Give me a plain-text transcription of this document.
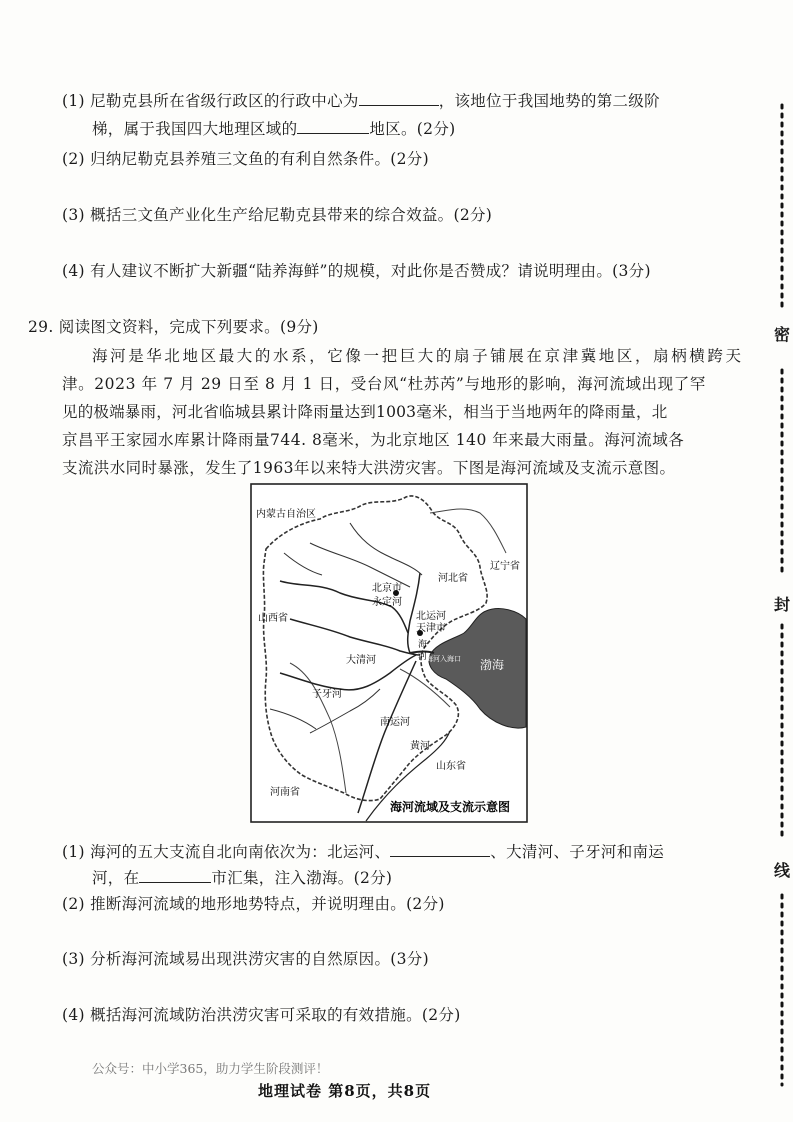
(1) 尼勒克县所在省级行政区的行政中心为	，该地位于我国地势的第二级阶
梯，属于我国四大地理区域的	地区。(2分)
(2) 归纳尼勒克县养殖三文鱼的有利自然条件。(2分)
(3) 概括三文鱼产业化生产给尼勒克县带来的综合效益。(2分)
(4) 有人建议不断扩大新疆“陆养海鲜”的规模，对此你是否赞成？请说明理由。(3分)
29. 阅读图文资料，完成下列要求。(9分)
海河是华北地区最大的水系，它像一把巨大的扇子铺展在京津冀地区，扇柄横跨天
津。2023 年 7 月 29 日至 8 月 1 日，受台风“杜苏芮”与地形的影响，海河流域出现了罕
见的极端暴雨，河北省临城县累计降雨量达到1003毫米，相当于当地两年的降雨量，北
京昌平王家园水库累计降雨量744. 8毫米，为北京地区 140 年来最大雨量。海河流域各
支流洪水同时暴涨，发生了1963年以来特大洪涝灾害。下图是海河流域及支流示意图。
内蒙古自治区
辽宁省
河北省
北京市
永定河
山西省	北运河
天津市
海
河
海河入海口 渤海
大清河
子牙河
南运河
黄河
山东省
河南省
海河流域及支流示意图
(1) 海河的五大支流自北向南依次为：北运河、	、大清河、子牙河和南运
河，在	市汇集，注入渤海。(2分)
(2) 推断海河流域的地形地势特点，并说明理由。(2分)
(3) 分析海河流域易出现洪涝灾害的自然原因。(3分)
(4) 概括海河流域防治洪涝灾害可采取的有效措施。(2分)
密
封
线
公众号：中小学365，助力学生阶段测评！
地理试卷 第8页，共8页
